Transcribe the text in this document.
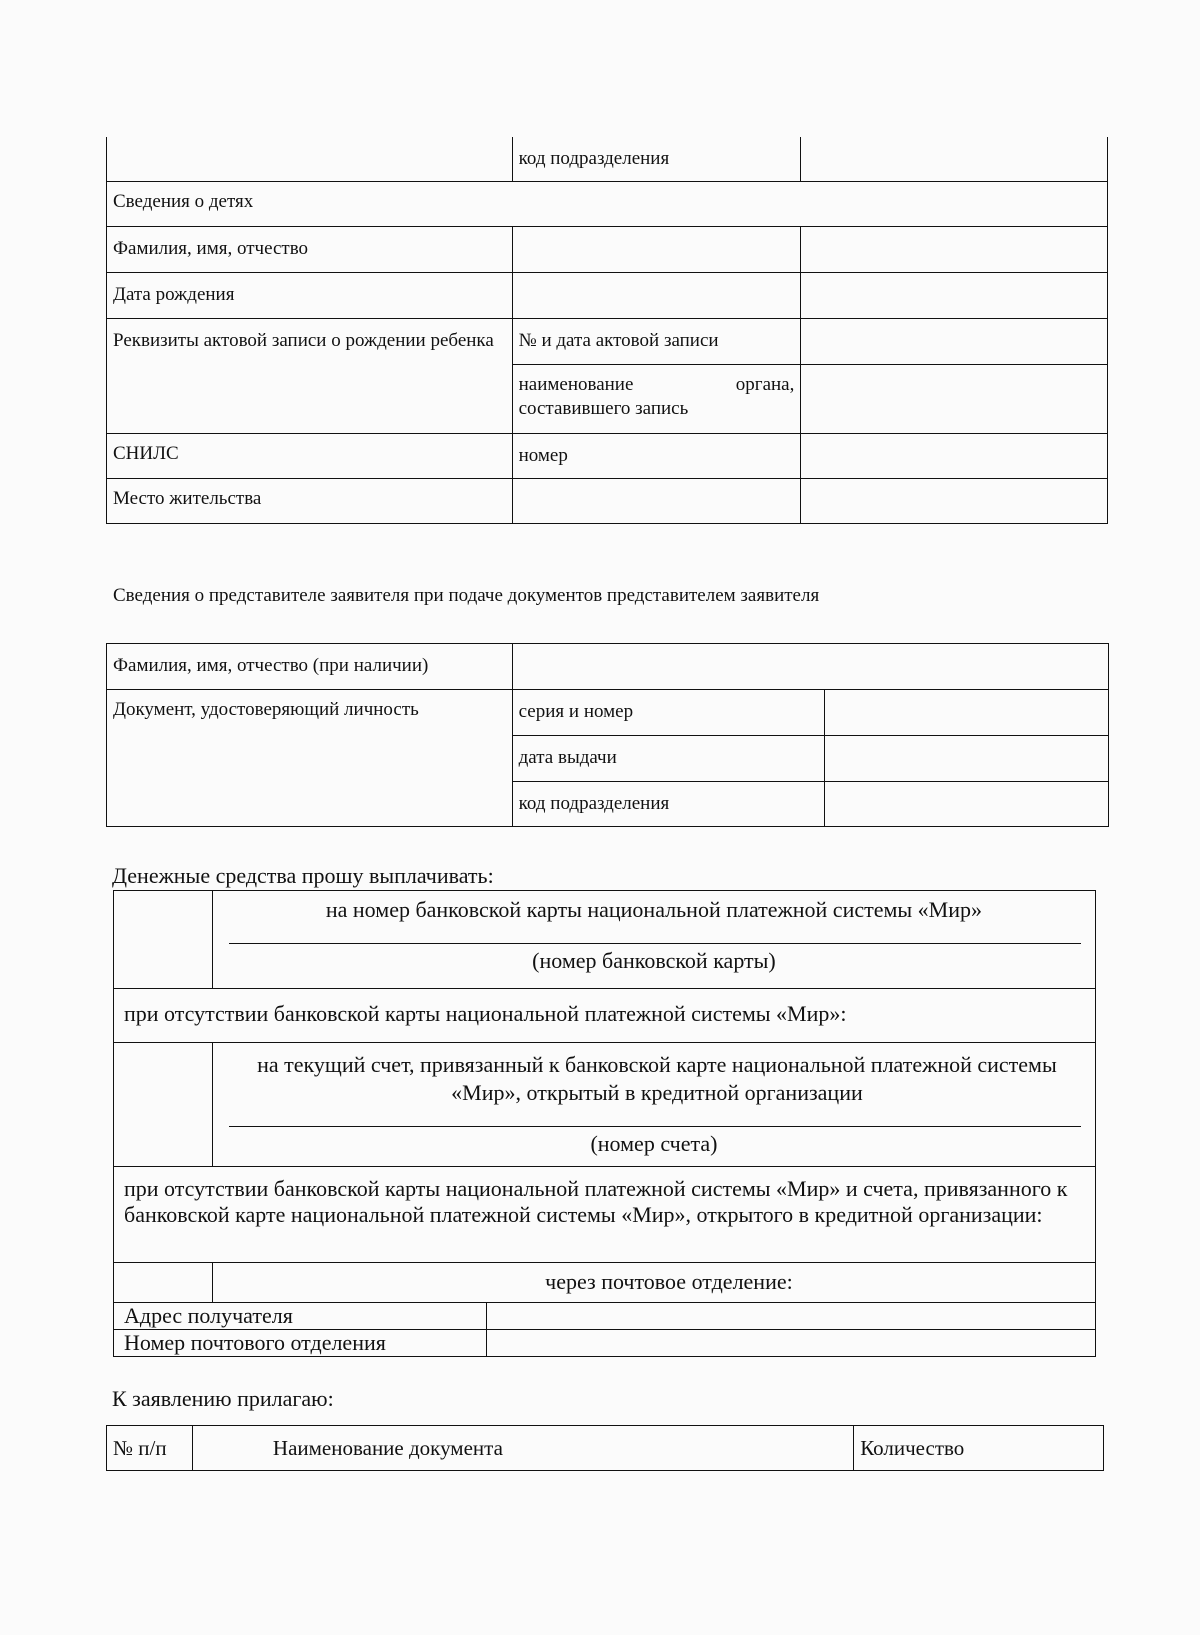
	код подразделения	

Сведения о детях		

Фамилия, имя, отчество		

Дата рождения		

Реквизиты актовой записи о рождении ребенка	№ и дата актовой записи	

	наименование органа, составившего запись	

СНИЛС	номер	

Место жительства		

Сведения о представителе заявителя при подаче документов представителем заявителя
Фамилия, имя, отчество (при наличии)		

Документ, удостоверяющий личность	серия и номер	

	дата выдачи	

	код подразделения	

Денежные средства прошу выплачивать:

	на номер банковской карты национальной платежной системы «Мир»
(номер банковской карты)	

при отсутствии банковской карты национальной платежной системы «Мир»:		

	на текущий счет, привязанный к банковской карте национальной платежной системы «Мир», открытый в кредитной организации
(номер счета)	

при отсутствии банковской карты национальной платежной системы «Мир» и счета, привязанного к банковской карте национальной платежной системы «Мир», открытого в кредитной организации:		

	через почтовое отделение:	

Адрес получателя		

Номер почтового отделения		

К заявлению прилагаю:
№ п/п	Наименование документа	Количество
